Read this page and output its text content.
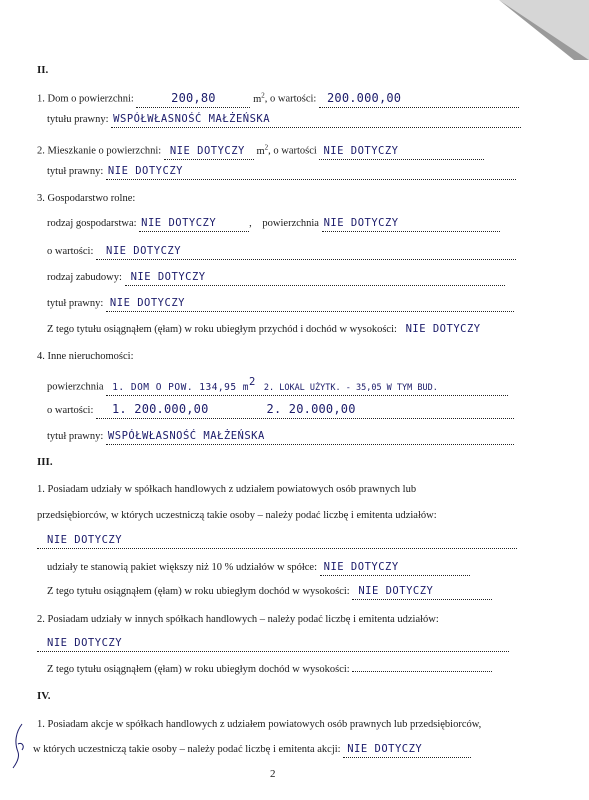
II.
1. Dom o powierzchni:	200,80	$m^2$, o wartości: 200.000,00
tytułu prawny: WSPÓŁWŁASNOŚĆ MAŁŻEŃSKA
2. Mieszkanie o powierzchni: NIE DOTYCZY $m^2$, o wartości NIE DOTYCZY
tytuł prawny: NIE DOTYCZY
3. Gospodarstwo rolne:
rodzaj gospodarstwa: NIE DOTYCZY	, powierzchnia NIE DOTYCZY
o wartości: NIE DOTYCZY
rodzaj zabudowy: NIE DOTYCZY
tytuł prawny: NIE DOTYCZY
Z tego tytułu osiągnąłem (ęłam) w roku ubiegłym przychód i dochód w wysokości: NIE DOTYCZY
4. Inne nieruchomości:
powierzchnia 1. DOM O POW. 134,95 $m^2$ 2. LOKAL UŻYTK. - 35,05 W TYM BUD.
o wartości: 1. 200.000,00	2. 20.000,00
tytuł prawny: WSPÓŁWŁASNOŚĆ MAŁŻEŃSKA
III.
1. Posiadam udziały w spółkach handlowych z udziałem powiatowych osób prawnych lub
przedsiębiorców, w których uczestniczą takie osoby – należy podać liczbę i emitenta udziałów:
NIE DOTYCZY
udziały te stanowią pakiet większy niż 10 % udziałów w spółce: NIE DOTYCZY
Z tego tytułu osiągnąłem (ęłam) w roku ubiegłym dochód w wysokości: NIE DOTYCZY
2. Posiadam udziały w innych spółkach handlowych – należy podać liczbę i emitenta udziałów:
NIE DOTYCZY
Z tego tytułu osiągnąłem (ęłam) w roku ubiegłym dochód w wysokości:
IV.
1. Posiadam akcje w spółkach handlowych z udziałem powiatowych osób prawnych lub przedsiębiorców,
w których uczestniczą takie osoby – należy podać liczbę i emitenta akcji: NIE DOTYCZY
2
